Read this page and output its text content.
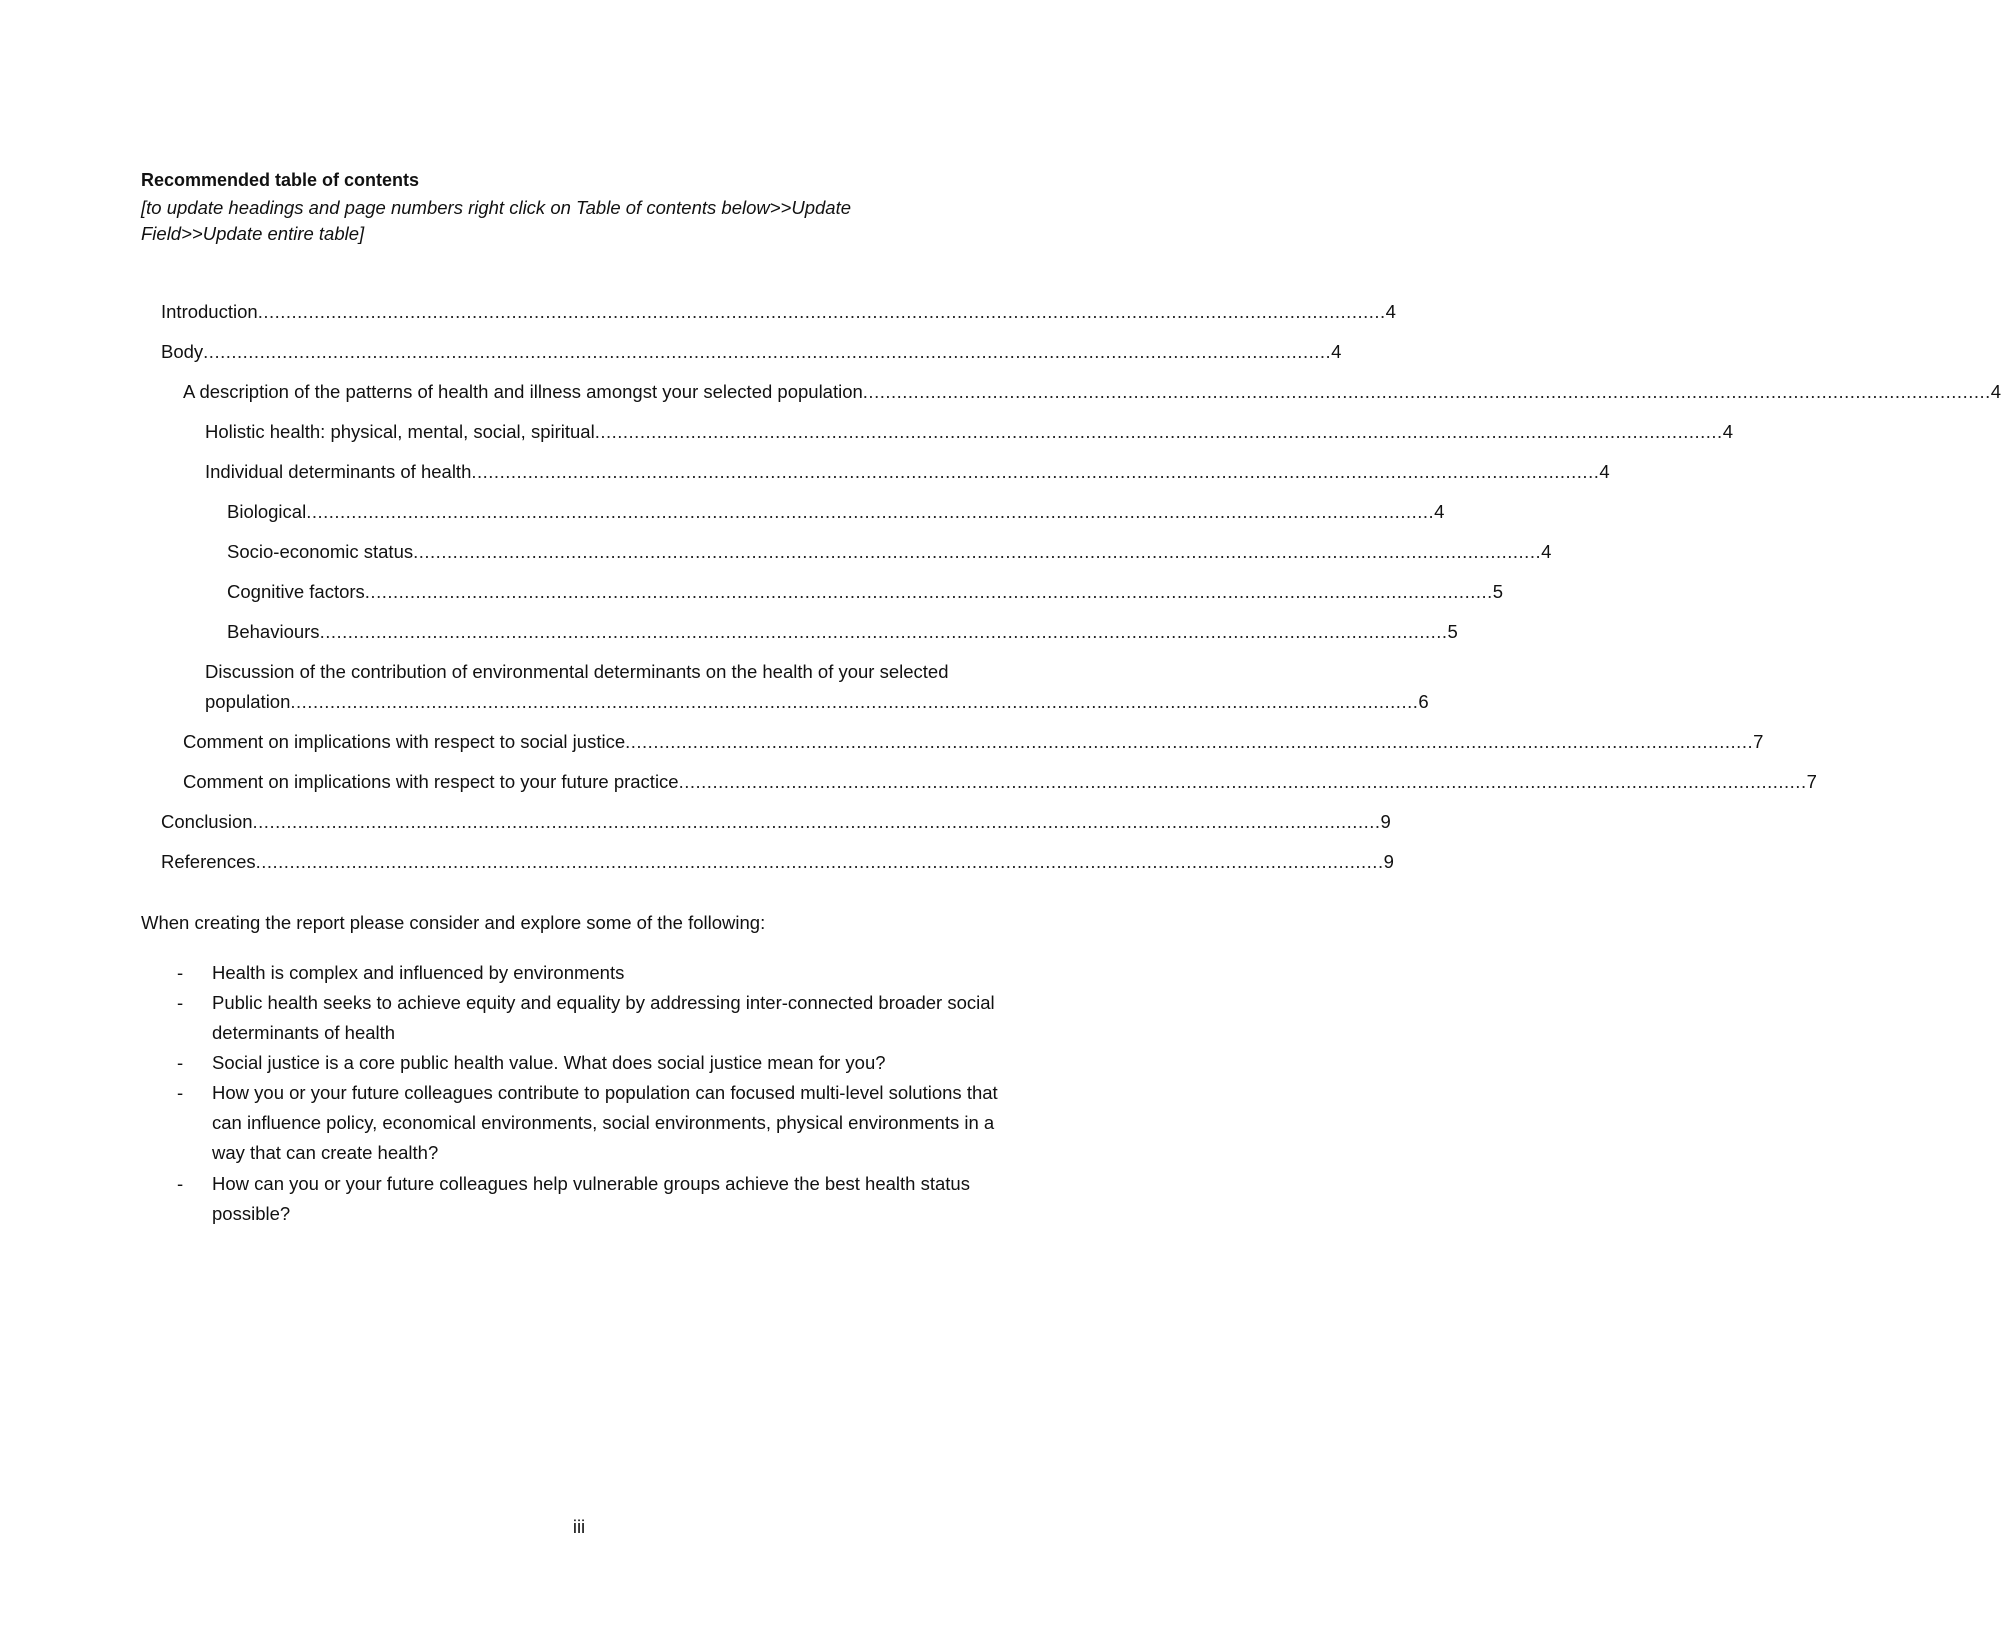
Recommended table of contents
[to update headings and page numbers right click on Table of contents below>>Update Field>>Update entire table]
Introduction ........................................................................................................................................................................................................ 4
Body ........................................................................................................................................................................................................ 4
A description of the patterns of health and illness amongst your selected population ........................................................................................................................................................................................................ 4
Holistic health: physical, mental, social, spiritual ........................................................................................................................................................................................................ 4
Individual determinants of health ........................................................................................................................................................................................................ 4
Biological ........................................................................................................................................................................................................ 4
Socio-economic status ........................................................................................................................................................................................................ 4
Cognitive factors ........................................................................................................................................................................................................ 5
Behaviours ........................................................................................................................................................................................................ 5
Discussion of the contribution of environmental determinants on the health of your selected
population ........................................................................................................................................................................................................ 6
Comment on implications with respect to social justice ........................................................................................................................................................................................................ 7
Comment on implications with respect to your future practice ........................................................................................................................................................................................................ 7
Conclusion ........................................................................................................................................................................................................ 9
References ........................................................................................................................................................................................................ 9
When creating the report please consider and explore some of the following:
- Health is complex and influenced by environments
- Public health seeks to achieve equity and equality by addressing inter-connected broader social determinants of health
- Social justice is a core public health value. What does social justice mean for you?
- How you or your future colleagues contribute to population can focused multi-level solutions that can influence policy, economical environments, social environments, physical environments in a way that can create health?
- How can you or your future colleagues help vulnerable groups achieve the best health status possible?
iii
